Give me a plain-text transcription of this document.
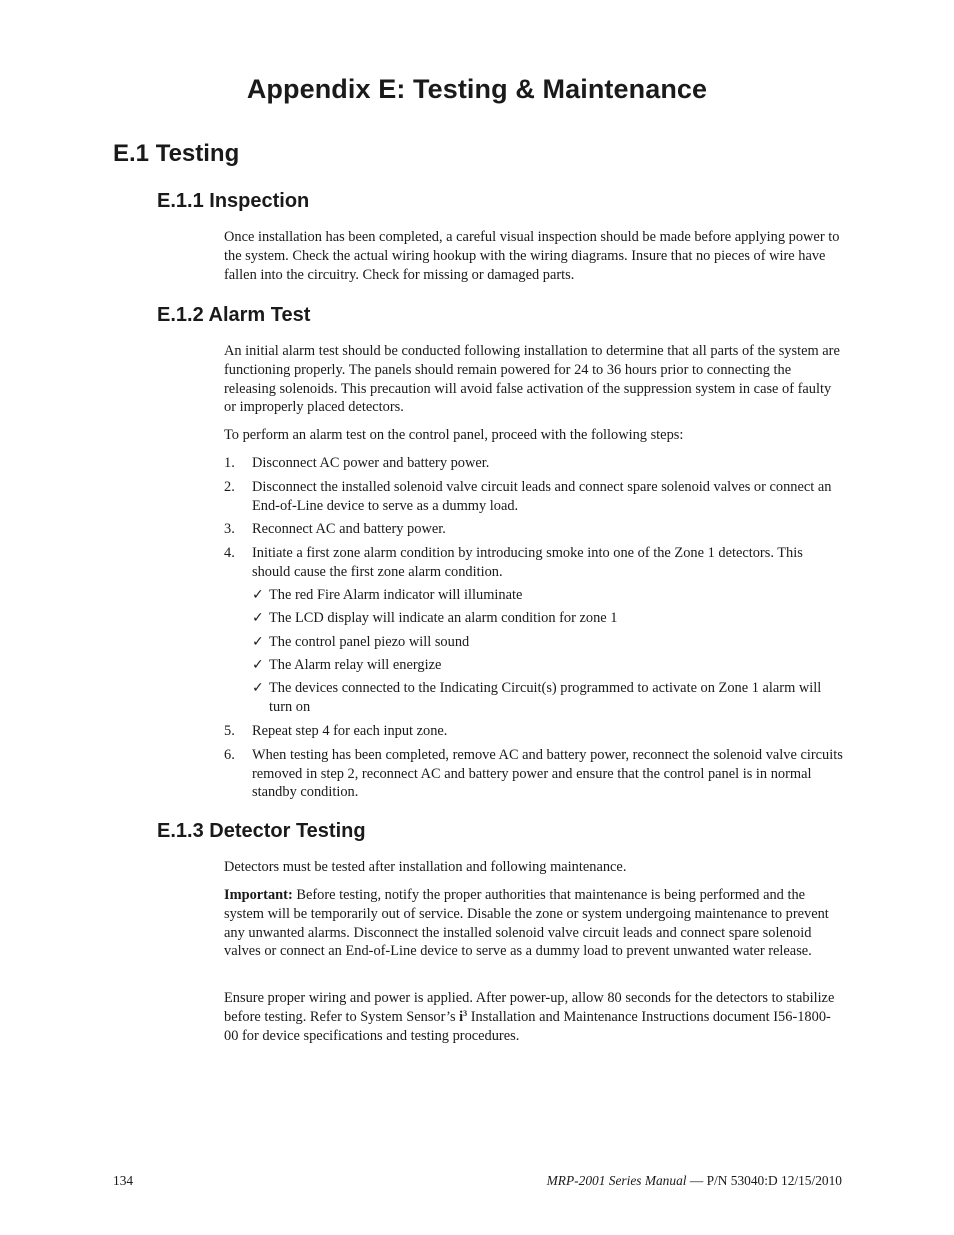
Appendix E: Testing & Maintenance
E.1 Testing
E.1.1 Inspection

Once installation has been completed, a careful visual inspection should be made before applying power to the system. Check the actual wiring hookup with the wiring diagrams. Insure that no pieces of wire have fallen into the circuitry. Check for missing or damaged parts.

E.1.2 Alarm Test

An initial alarm test should be conducted following installation to determine that all parts of the system are functioning properly. The panels should remain powered for 24 to 36 hours prior to connecting the releasing solenoids. This precaution will avoid false activation of the suppression system in case of faulty or improperly placed detectors.

To perform an alarm test on the control panel, proceed with the following steps:

1. Disconnect AC power and battery power.
2. Disconnect the installed solenoid valve circuit leads and connect spare solenoid valves or connect an End-of-Line device to serve as a dummy load.
3. Reconnect AC and battery power.
4. Initiate a first zone alarm condition by introducing smoke into one of the Zone 1 detectors. This should cause the first zone alarm condition.
✓ The red Fire Alarm indicator will illuminate
✓ The LCD display will indicate an alarm condition for zone 1
✓ The control panel piezo will sound
✓ The Alarm relay will energize
✓ The devices connected to the Indicating Circuit(s) programmed to activate on Zone 1 alarm will turn on
5. Repeat step 4 for each input zone.
6. When testing has been completed, remove AC and battery power, reconnect the solenoid valve circuits removed in step 2, reconnect AC and battery power and ensure that the control panel is in normal standby condition.
E.1.3 Detector Testing

Detectors must be tested after installation and following maintenance.

Important: Before testing, notify the proper authorities that maintenance is being performed and the system will be temporarily out of service. Disable the zone or system undergoing maintenance to prevent any unwanted alarms. Disconnect the installed solenoid valve circuit leads and connect spare solenoid valves or connect an End-of-Line device to serve as a dummy load to prevent unwanted water release.

Ensure proper wiring and power is applied. After power-up, allow 80 seconds for the detectors to stabilize before testing. Refer to System Sensor’s $i^3$ Installation and Maintenance Instructions document I56-1800-00 for device specifications and testing procedures.

134	MRP-2001 Series Manual — P/N 53040:D 12/15/2010
